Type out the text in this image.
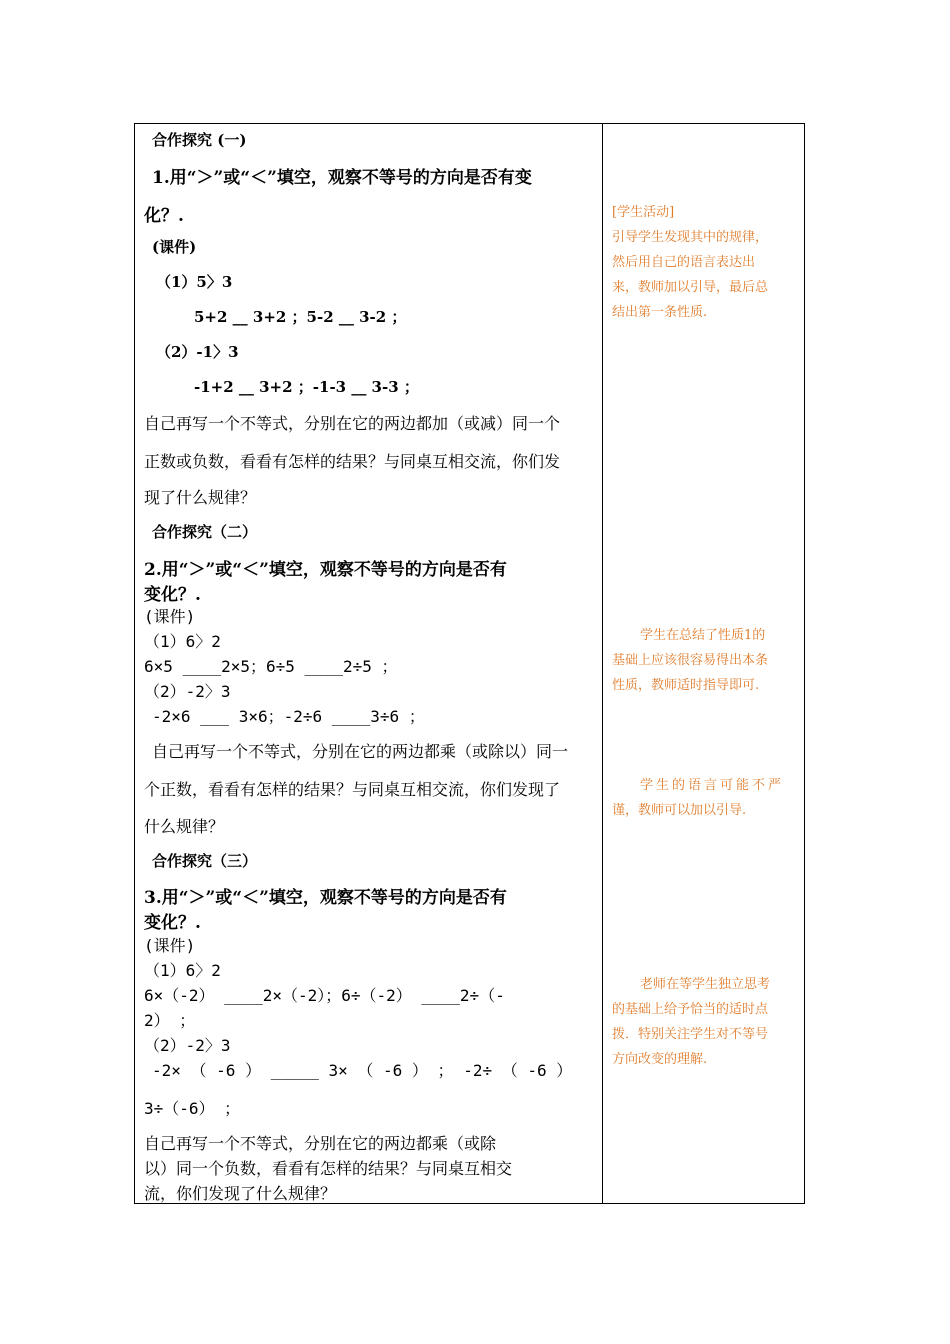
合作探究 (一)
1.用“＞”或“＜”填空，观察不等号的方向是否有变
化？.
(课件)
（1）5〉3
5+2 __ 3+2 ；5-2 __ 3-2 ；
（2）-1〉3
-1+2 __ 3+2 ；-1-3 __ 3-3 ；
自己再写一个不等式，分别在它的两边都加（或减）同一个
正数或负数，看看有怎样的结果？与同桌互相交流，你们发
现了什么规律？
合作探究（二）
2.用“＞”或“＜”填空，观察不等号的方向是否有
变化？.
(课件)
（1）6〉2
6×5 ____2×5；6÷5 ____2÷5 ；
（2）-2〉3
-2×6 ___ 3×6；-2÷6 ____3÷6 ；
自己再写一个不等式，分别在它的两边都乘（或除以）同一
个正数，看看有怎样的结果？与同桌互相交流，你们发现了
什么规律？
合作探究（三）
3.用“＞”或“＜”填空，观察不等号的方向是否有
变化？.
(课件)
（1）6〉2
6×（-2） ____2×（-2）；6÷（-2） ____2÷（-
2） ；
（2）-2〉3
-2× （ -6 ） _____ 3× （ -6 ） ； -2÷ （ -6 ）
3÷（-6） ；
自己再写一个不等式，分别在它的两边都乘（或除
以）同一个负数，看看有怎样的结果？与同桌互相交
流，你们发现了什么规律？
[学生活动]
引导学生发现其中的规律，
然后用自己的语言表达出
来，教师加以引导，最后总
结出第一条性质.
学生在总结了性质1的
基础上应该很容易得出本条
性质，教师适时指导即可.
学生的语言可能不严
谨，教师可以加以引导.
老师在等学生独立思考
的基础上给予恰当的适时点
拨．特别关注学生对不等号
方向改变的理解.
